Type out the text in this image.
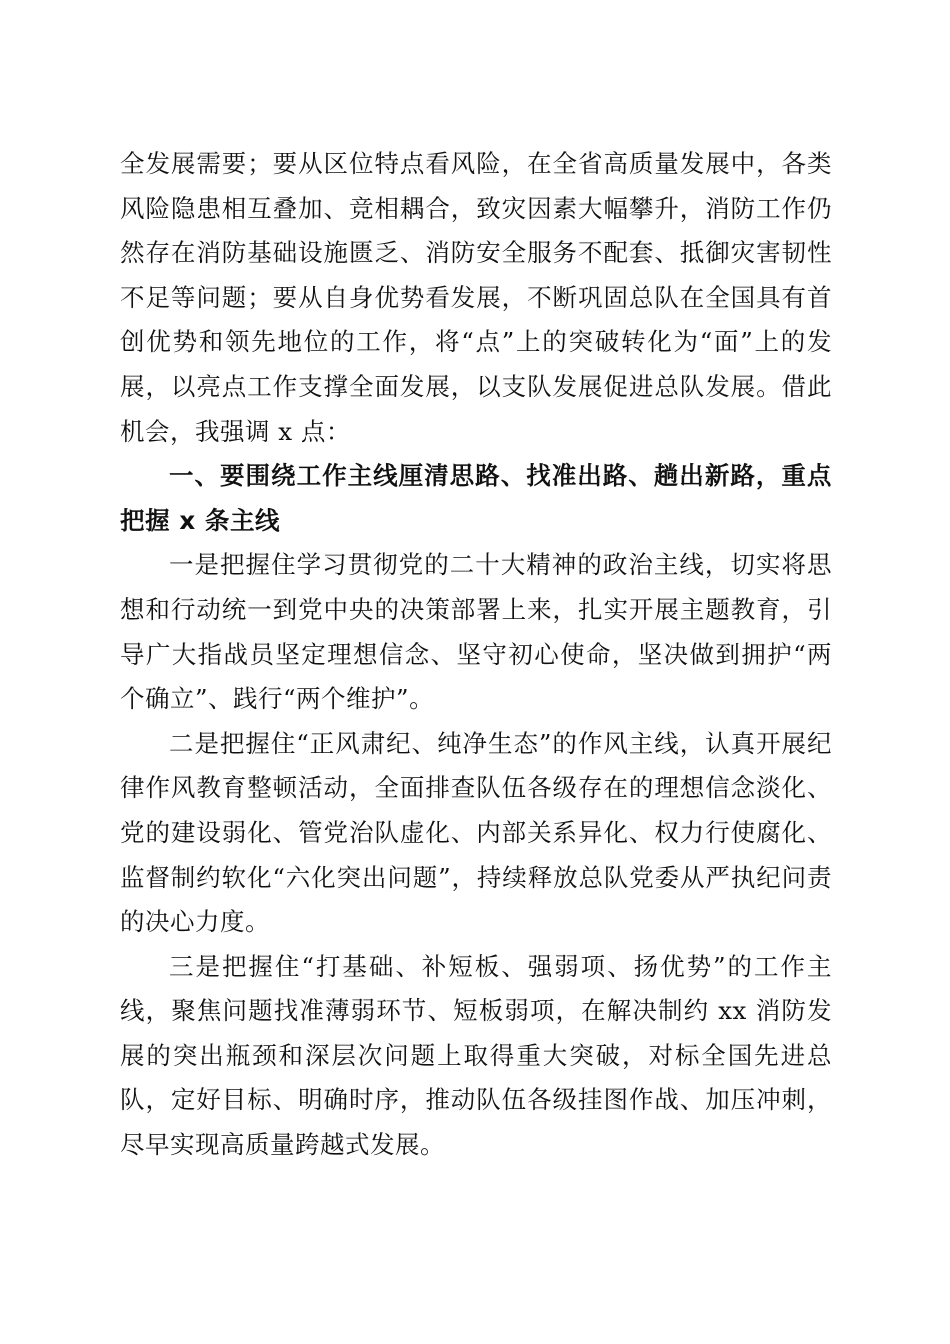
全发展需要；要从区位特点看风险，在全省高质量发展中，各类风险隐患相互叠加、竞相耦合，致灾因素大幅攀升，消防工作仍然存在消防基础设施匮乏、消防安全服务不配套、抵御灾害韧性不足等问题；要从自身优势看发展，不断巩固总队在全国具有首创优势和领先地位的工作，将“点”上的突破转化为“面”上的发展，以亮点工作支撑全面发展，以支队发展促进总队发展。借此机会，我强调 x 点：

一、要围绕工作主线厘清思路、找准出路、趟出新路，重点把握 x 条主线

一是把握住学习贯彻党的二十大精神的政治主线，切实将思想和行动统一到党中央的决策部署上来，扎实开展主题教育，引导广大指战员坚定理想信念、坚守初心使命，坚决做到拥护“两个确立”、践行“两个维护”。

二是把握住“正风肃纪、纯净生态”的作风主线，认真开展纪律作风教育整顿活动，全面排查队伍各级存在的理想信念淡化、党的建设弱化、管党治队虚化、内部关系异化、权力行使腐化、监督制约软化“六化突出问题”，持续释放总队党委从严执纪问责的决心力度。

三是把握住“打基础、补短板、强弱项、扬优势”的工作主线，聚焦问题找准薄弱环节、短板弱项，在解决制约 xx 消防发展的突出瓶颈和深层次问题上取得重大突破，对标全国先进总队，定好目标、明确时序，推动队伍各级挂图作战、加压冲刺，尽早实现高质量跨越式发展。
